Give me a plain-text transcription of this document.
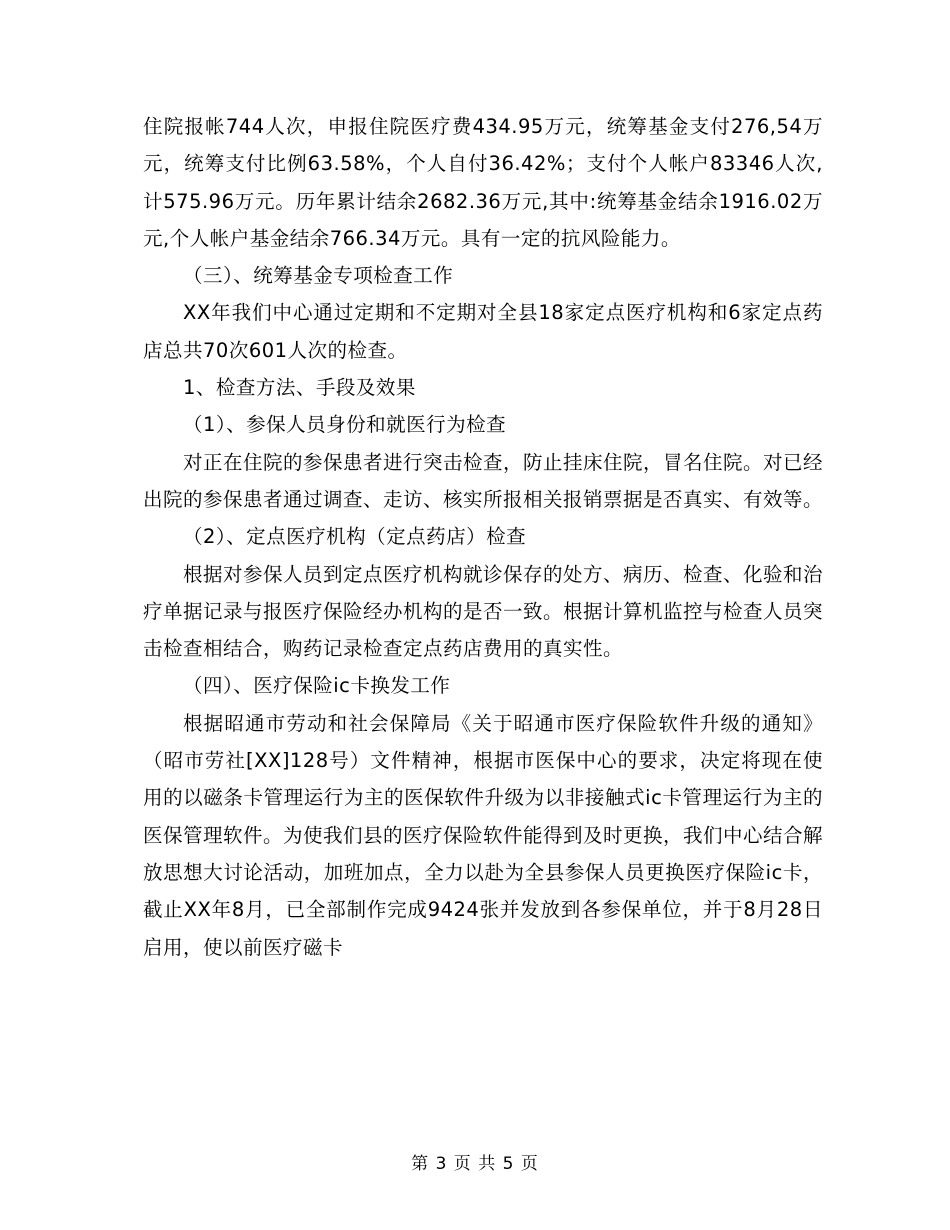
住院报帐744人次，申报住院医疗费434.95万元，统筹基金支付276,54万元，统筹支付比例63.58%，个人自付36.42%；支付个人帐户83346人次,计575.96万元。历年累计结余2682.36万元,其中:统筹基金结余1916.02万元,个人帐户基金结余766.34万元。具有一定的抗风险能力。

（三）、统筹基金专项检查工作

XX年我们中心通过定期和不定期对全县18家定点医疗机构和6家定点药店总共70次601人次的检查。

1、检查方法、手段及效果

（1）、参保人员身份和就医行为检查

对正在住院的参保患者进行突击检查，防止挂床住院，冒名住院。对已经出院的参保患者通过调查、走访、核实所报相关报销票据是否真实、有效等。

（2）、定点医疗机构（定点药店）检查

根据对参保人员到定点医疗机构就诊保存的处方、病历、检查、化验和治疗单据记录与报医疗保险经办机构的是否一致。根据计算机监控与检查人员突击检查相结合，购药记录检查定点药店费用的真实性。

（四）、医疗保险ic卡换发工作

根据昭通市劳动和社会保障局《关于昭通市医疗保险软件升级的通知》（昭市劳社[XX]128号）文件精神，根据市医保中心的要求，决定将现在使用的以磁条卡管理运行为主的医保软件升级为以非接触式ic卡管理运行为主的医保管理软件。为使我们县的医疗保险软件能得到及时更换，我们中心结合解放思想大讨论活动，加班加点，全力以赴为全县参保人员更换医疗保险ic卡，截止XX年8月，已全部制作完成9424张并发放到各参保单位，并于8月28日启用，使以前医疗磁卡

第 3 页 共 5 页
